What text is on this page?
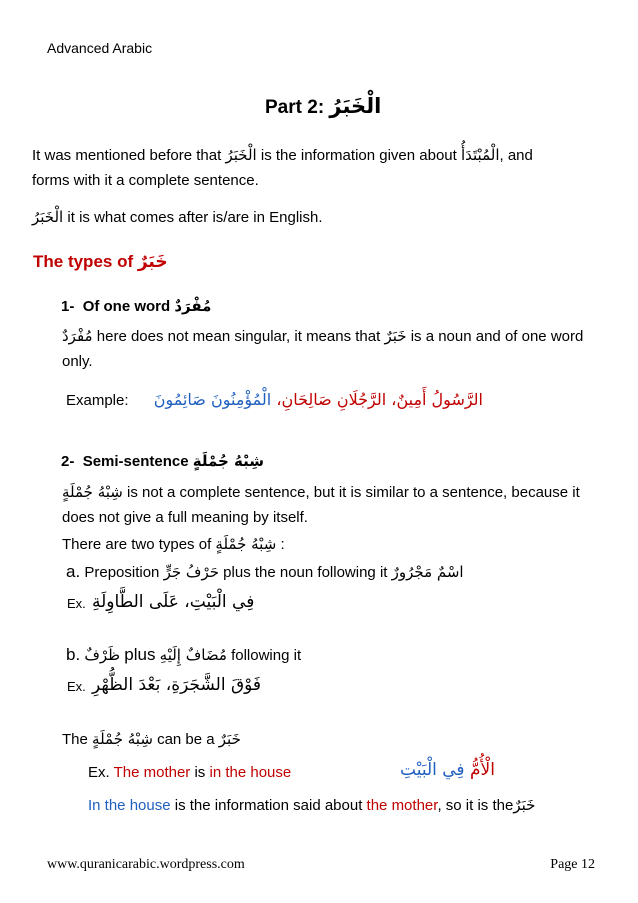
Advanced Arabic
Part 2: الْخَبَرُ
It was mentioned before that الْخَبَرُ is the information given about الْمُبْتَدَأُ, and
forms with it a complete sentence.
الْخَبَرُ it is what comes after is/are in English.
The types of خَبَرٌ
1- Of one word مُفْرَدٌ
مُفْرَدٌ here does not mean singular, it means that خَبَرٌ is a noun and of one word
only.
Example:	الرَّسُولُ أَمِينٌ، الرَّجُلَانِ صَالِحَانِ، الْمُؤْمِنُونَ صَائِمُونَ
2- Semi-sentence شِبْهُ جُمْلَةٍ
شِبْهُ جُمْلَةٍ is not a complete sentence, but it is similar to a sentence, because it
does not give a full meaning by itself.
There are two types of شِبْهُ جُمْلَةٍ :
a. Preposition حَرْفُ جَرٍّ plus the noun following it اسْمٌ مَجْرُورٌ
Ex. فِي الْبَيْتِ، عَلَى الطَّاوِلَةِ
b. ظَرْفٌ plus مُضَافٌ إِلَيْهِ following it
Ex. فَوْقَ الشَّجَرَةِ، بَعْدَ الظُّهْرِ
The شِبْهُ جُمْلَةٍ can be a خَبَرٌ
Ex. The mother is in the house	الْأُمُّ فِي الْبَيْتِ
In the house is the information said about the mother, so it is theخَبَرٌ
www.quranicarabic.wordpress.com	Page 12
